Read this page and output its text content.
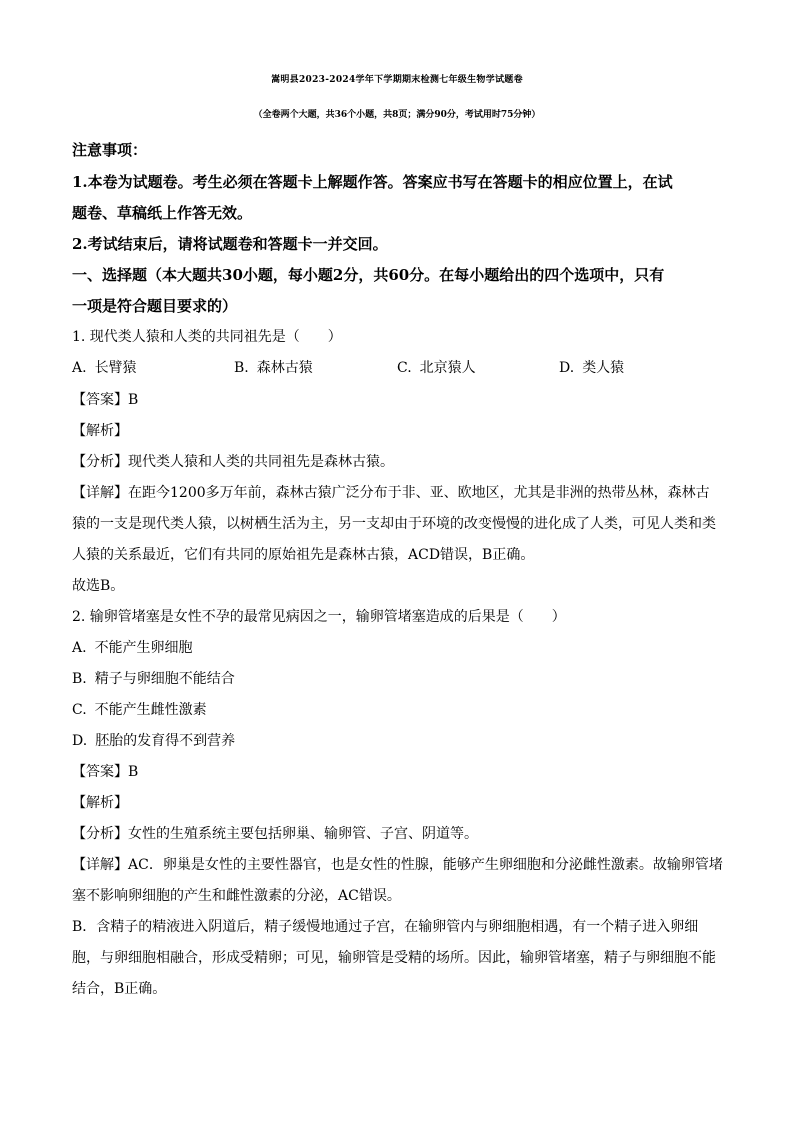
嵩明县2023-2024学年下学期期末检测七年级生物学试题卷
（全卷两个大题，共36个小题，共8页；满分90分，考试用时75分钟）
注意事项：
1.本卷为试题卷。考生必须在答题卡上解题作答。答案应书写在答题卡的相应位置上，在试
题卷、草稿纸上作答无效。
2.考试结束后，请将试题卷和答题卡一并交回。
一、选择题（本大题共30小题，每小题2分，共60分。在每小题给出的四个选项中，只有
一项是符合题目要求的）
1. 现代类人猿和人类的共同祖先是（　　）
A. 长臂猿	B. 森林古猿	C. 北京猿人	D. 类人猿
【答案】B
【解析】
【分析】现代类人猿和人类的共同祖先是森林古猿。
【详解】在距今1200多万年前，森林古猿广泛分布于非、亚、欧地区，尤其是非洲的热带丛林，森林古
猿的一支是现代类人猿，以树栖生活为主，另一支却由于环境的改变慢慢的进化成了人类，可见人类和类
人猿的关系最近，它们有共同的原始祖先是森林古猿，ACD错误，B正确。
故选B。
2. 输卵管堵塞是女性不孕的最常见病因之一，输卵管堵塞造成的后果是（　　）
A. 不能产生卵细胞
B. 精子与卵细胞不能结合
C. 不能产生雌性激素
D. 胚胎的发育得不到营养
【答案】B
【解析】
【分析】女性的生殖系统主要包括卵巢、输卵管、子宫、阴道等。
【详解】AC．卵巢是女性的主要性器官，也是女性的性腺，能够产生卵细胞和分泌雌性激素。故输卵管堵
塞不影响卵细胞的产生和雌性激素的分泌，AC错误。
B．含精子的精液进入阴道后，精子缓慢地通过子宫，在输卵管内与卵细胞相遇，有一个精子进入卵细
胞，与卵细胞相融合，形成受精卵；可见，输卵管是受精的场所。因此，输卵管堵塞，精子与卵细胞不能
结合，B正确。
